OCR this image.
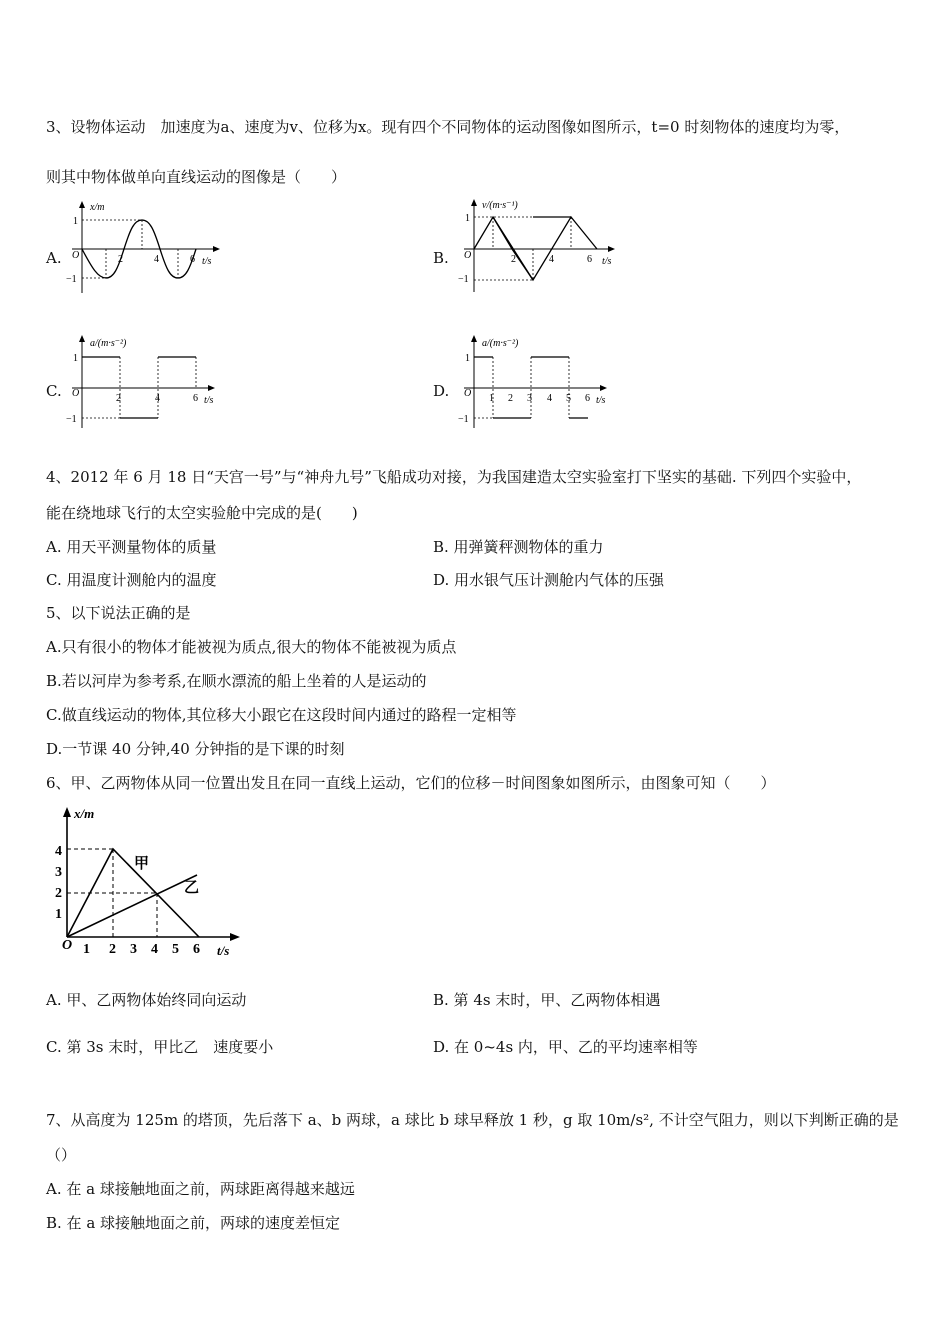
3、设物体运动　加速度为a、速度为v、位移为x。现有四个不同物体的运动图像如图所示，t=0 时刻物体的速度均为零，
则其中物体做单向直线运动的图像是（　　）
A.
x/m
t/s
O
1
−1
2	4	6	B.
v/(m·s⁻¹)
t/s
O
1
−1
2	4	6
C.
a/(m·s⁻²)
t/s
O
1
−1
2	4	6	D.
a/(m·s⁻²)
t/s
O
1
−1
1 2 3 4 5 6
4、2012 年 6 月 18 日“天宫一号”与“神舟九号”飞船成功对接，为我国建造太空实验室打下坚实的基础. 下列四个实验中，
能在绕地球飞行的太空实验舱中完成的是(　　)
A. 用天平测量物体的质量	B. 用弹簧秤测物体的重力
C. 用温度计测舱内的温度	D. 用水银气压计测舱内气体的压强
5、以下说法正确的是
A.只有很小的物体才能被视为质点,很大的物体不能被视为质点
B.若以河岸为参考系,在顺水漂流的船上坐着的人是运动的
C.做直线运动的物体,其位移大小跟它在这段时间内通过的路程一定相等
D.一节课 40 分钟,40 分钟指的是下课的时刻
6、甲、乙两物体从同一位置出发且在同一直线上运动，它们的位移－时间图象如图所示，由图象可知（　　）
x/m
t/s
O
1
2
3
4
1 2 3 4 5 6
甲
乙
A. 甲、乙两物体始终同向运动	B. 第 4s 末时，甲、乙两物体相遇
C. 第 3s 末时，甲比乙　速度要小	D. 在 0~4s 内，甲、乙的平均速率相等
7、从高度为 125m 的塔顶，先后落下 a、b 两球，a 球比 b 球早释放 1 秒，g 取 10m/s², 不计空气阻力，则以下判断正确的是
（）
A. 在 a 球接触地面之前，两球距离得越来越远
B. 在 a 球接触地面之前，两球的速度差恒定
